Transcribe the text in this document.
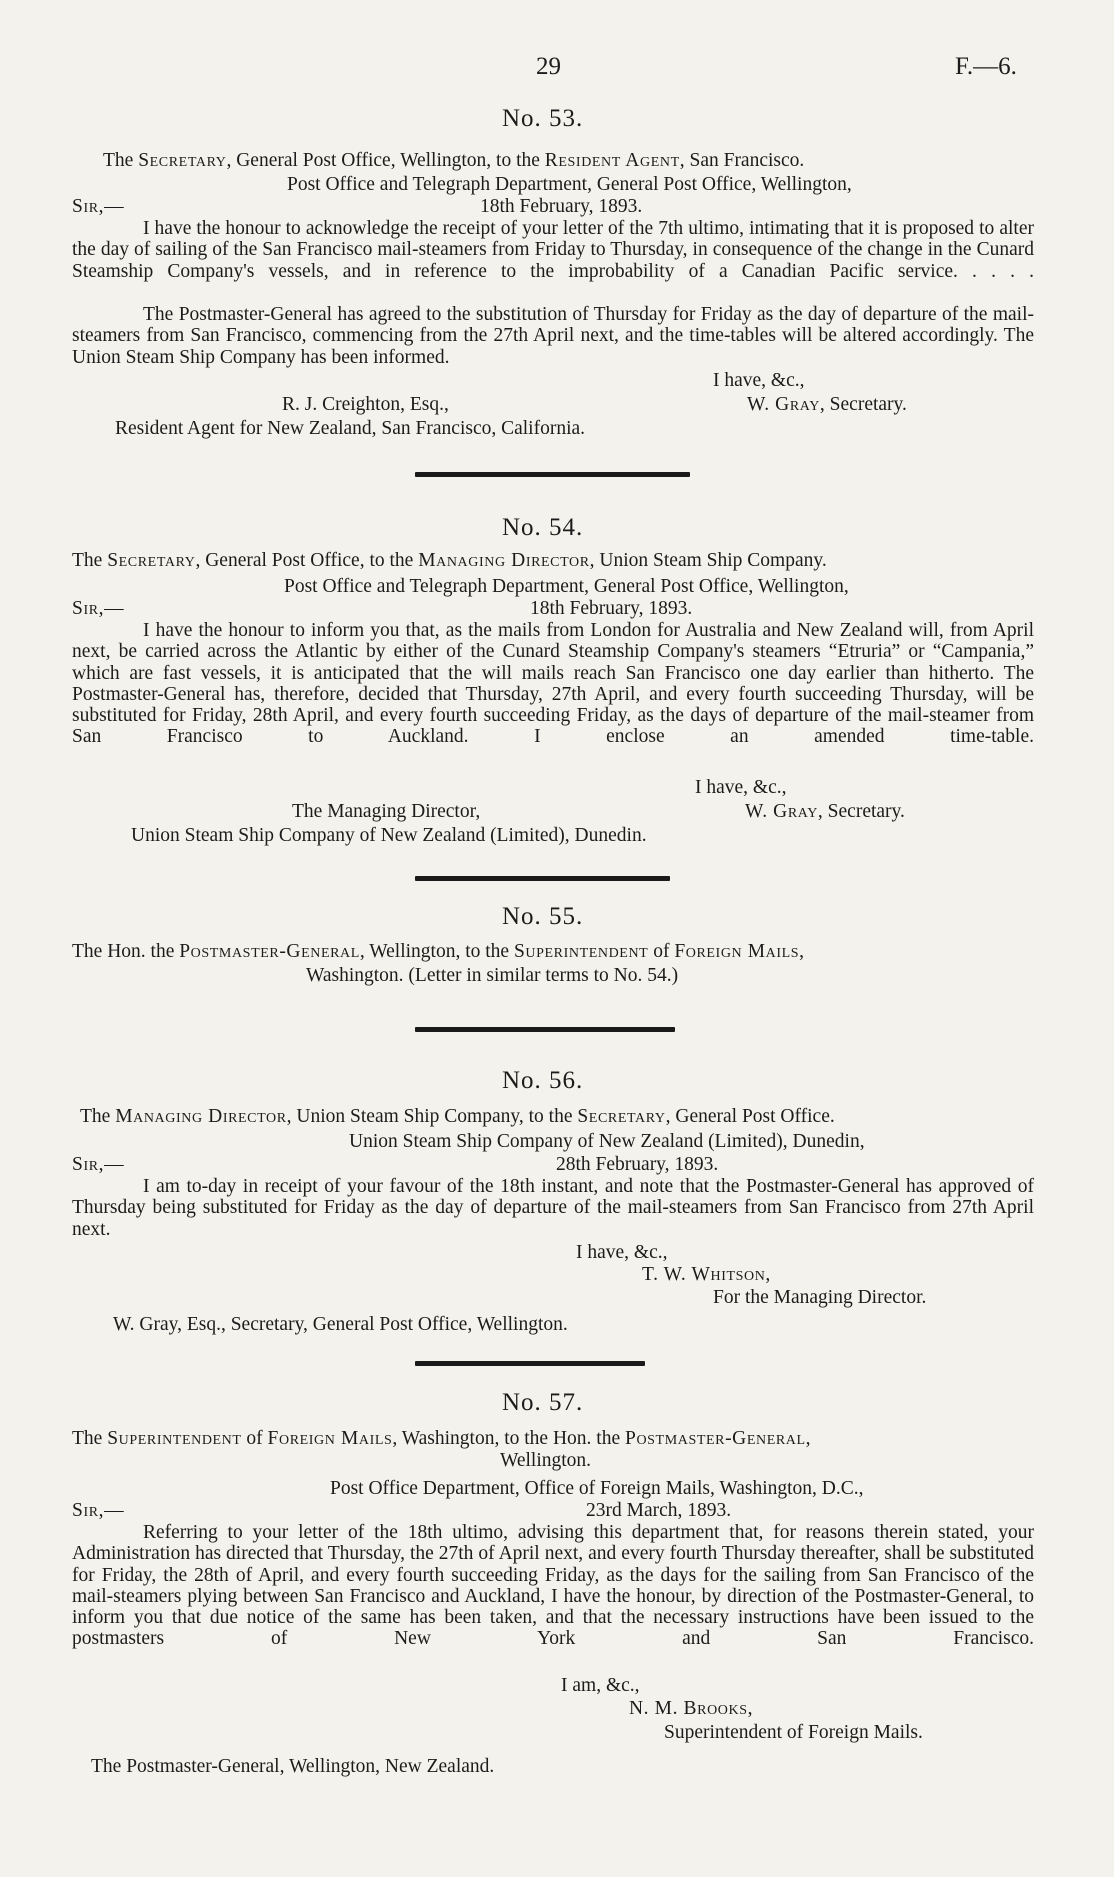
29	F.—6.
No. 53.
The Secretary, General Post Office, Wellington, to the Resident Agent, San Francisco.
Post Office and Telegraph Department, General Post Office, Wellington,
Sir,—	18th February, 1893.
I have the honour to acknowledge the receipt of your letter of the 7th ultimo, intimating that it is proposed to alter the day of sailing of the San Francisco mail-steamers from Friday to Thursday, in consequence of the change in the Cunard Steamship Company's vessels, and in reference to the improbability of a Canadian Pacific service. . . . .
The Postmaster-General has agreed to the substitution of Thursday for Friday as the day of departure of the mail-steamers from San Francisco, commencing from the 27th April next, and the time-tables will be altered accordingly. The Union Steam Ship Company has been informed.
I have, &c.,
R. J. Creighton, Esq.,	W. Gray, Secretary.
Resident Agent for New Zealand, San Francisco, California.
No. 54.
The Secretary, General Post Office, to the Managing Director, Union Steam Ship Company.
Post Office and Telegraph Department, General Post Office, Wellington,
Sir,—	18th February, 1893.
I have the honour to inform you that, as the mails from London for Australia and New Zealand will, from April next, be carried across the Atlantic by either of the Cunard Steamship Company's steamers “Etruria” or “Campania,” which are fast vessels, it is anticipated that the will mails reach San Francisco one day earlier than hitherto. The Postmaster-General has, therefore, decided that Thursday, 27th April, and every fourth succeeding Thursday, will be substituted for Friday, 28th April, and every fourth succeeding Friday, as the days of departure of the mail-steamer from San Francisco to Auckland. I enclose an amended time-table.
I have, &c.,
The Managing Director,	W. Gray, Secretary.
Union Steam Ship Company of New Zealand (Limited), Dunedin.
No. 55.
The Hon. the Postmaster-General, Wellington, to the Superintendent of Foreign Mails,
Washington. (Letter in similar terms to No. 54.)
No. 56.
The Managing Director, Union Steam Ship Company, to the Secretary, General Post Office.
Union Steam Ship Company of New Zealand (Limited), Dunedin,
Sir,—	28th February, 1893.
I am to-day in receipt of your favour of the 18th instant, and note that the Postmaster-General has approved of Thursday being substituted for Friday as the day of departure of the mail-steamers from San Francisco from 27th April next.
I have, &c.,
T. W. Whitson,
For the Managing Director.
W. Gray, Esq., Secretary, General Post Office, Wellington.
No. 57.
The Superintendent of Foreign Mails, Washington, to the Hon. the Postmaster-General,
Wellington.
Post Office Department, Office of Foreign Mails, Washington, D.C.,
Sir,—	23rd March, 1893.
Referring to your letter of the 18th ultimo, advising this department that, for reasons therein stated, your Administration has directed that Thursday, the 27th of April next, and every fourth Thursday thereafter, shall be substituted for Friday, the 28th of April, and every fourth succeeding Friday, as the days for the sailing from San Francisco of the mail-steamers plying between San Francisco and Auckland, I have the honour, by direction of the Postmaster-General, to inform you that due notice of the same has been taken, and that the necessary instructions have been issued to the postmasters of New York and San Francisco.
I am, &c.,
N. M. Brooks,
Superintendent of Foreign Mails.
The Postmaster-General, Wellington, New Zealand.
